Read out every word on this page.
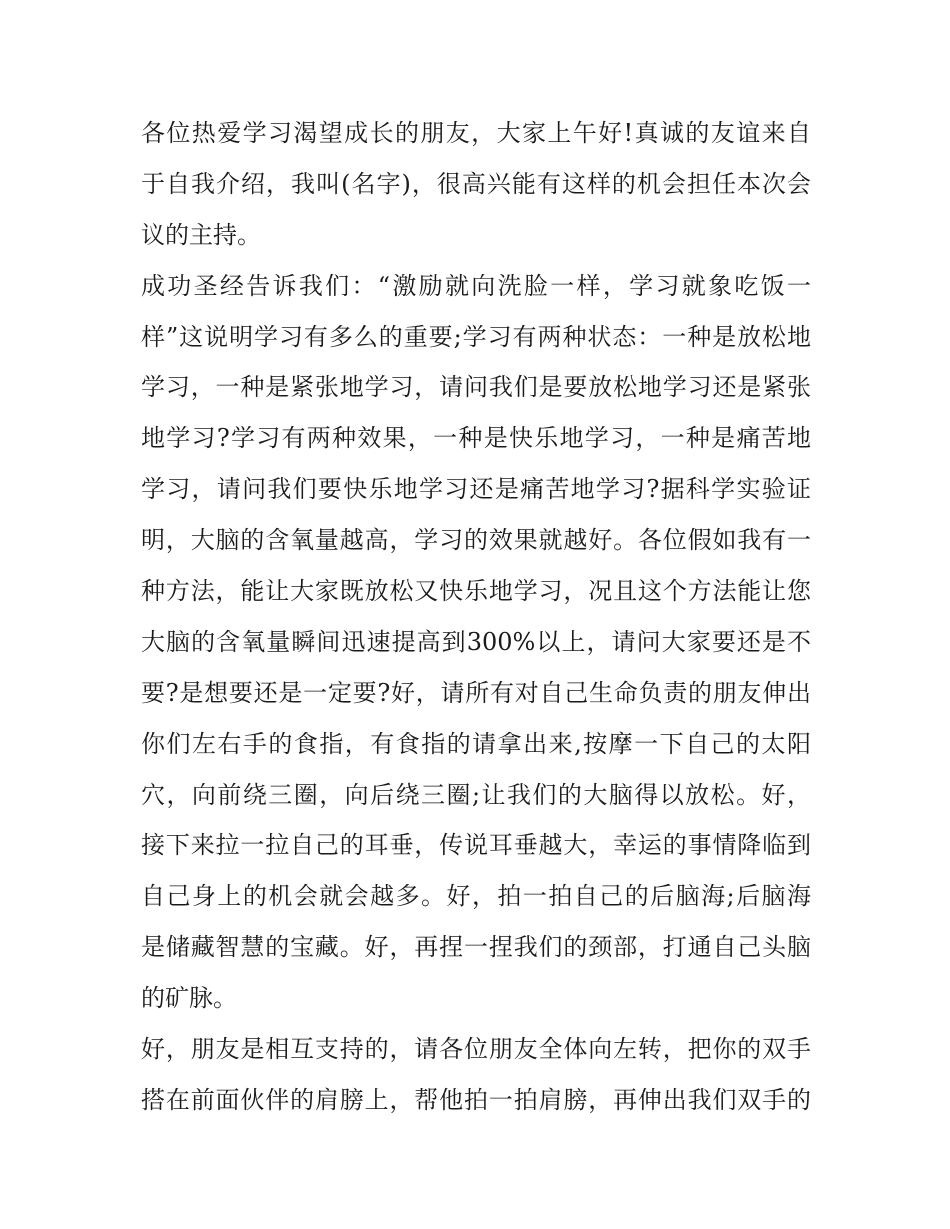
各位热爱学习渴望成长的朋友，大家上午好!真诚的友谊来自
于自我介绍，我叫(名字)，很高兴能有这样的机会担任本次会
议的主持。
成功圣经告诉我们：“激励就向洗脸一样，学习就象吃饭一
样”这说明学习有多么的重要;学习有两种状态：一种是放松地
学习，一种是紧张地学习，请问我们是要放松地学习还是紧张
地学习?学习有两种效果，一种是快乐地学习，一种是痛苦地
学习，请问我们要快乐地学习还是痛苦地学习?据科学实验证
明，大脑的含氧量越高，学习的效果就越好。各位假如我有一
种方法，能让大家既放松又快乐地学习，况且这个方法能让您
大脑的含氧量瞬间迅速提高到300%以上，请问大家要还是不
要?是想要还是一定要?好，请所有对自己生命负责的朋友伸出
你们左右手的食指，有食指的请拿出来,按摩一下自己的太阳
穴，向前绕三圈，向后绕三圈;让我们的大脑得以放松。好，
接下来拉一拉自己的耳垂，传说耳垂越大，幸运的事情降临到
自己身上的机会就会越多。好，拍一拍自己的后脑海;后脑海
是储藏智慧的宝藏。好，再捏一捏我们的颈部，打通自己头脑
的矿脉。
好，朋友是相互支持的，请各位朋友全体向左转，把你的双手
搭在前面伙伴的肩膀上，帮他拍一拍肩膀，再伸出我们双手的
